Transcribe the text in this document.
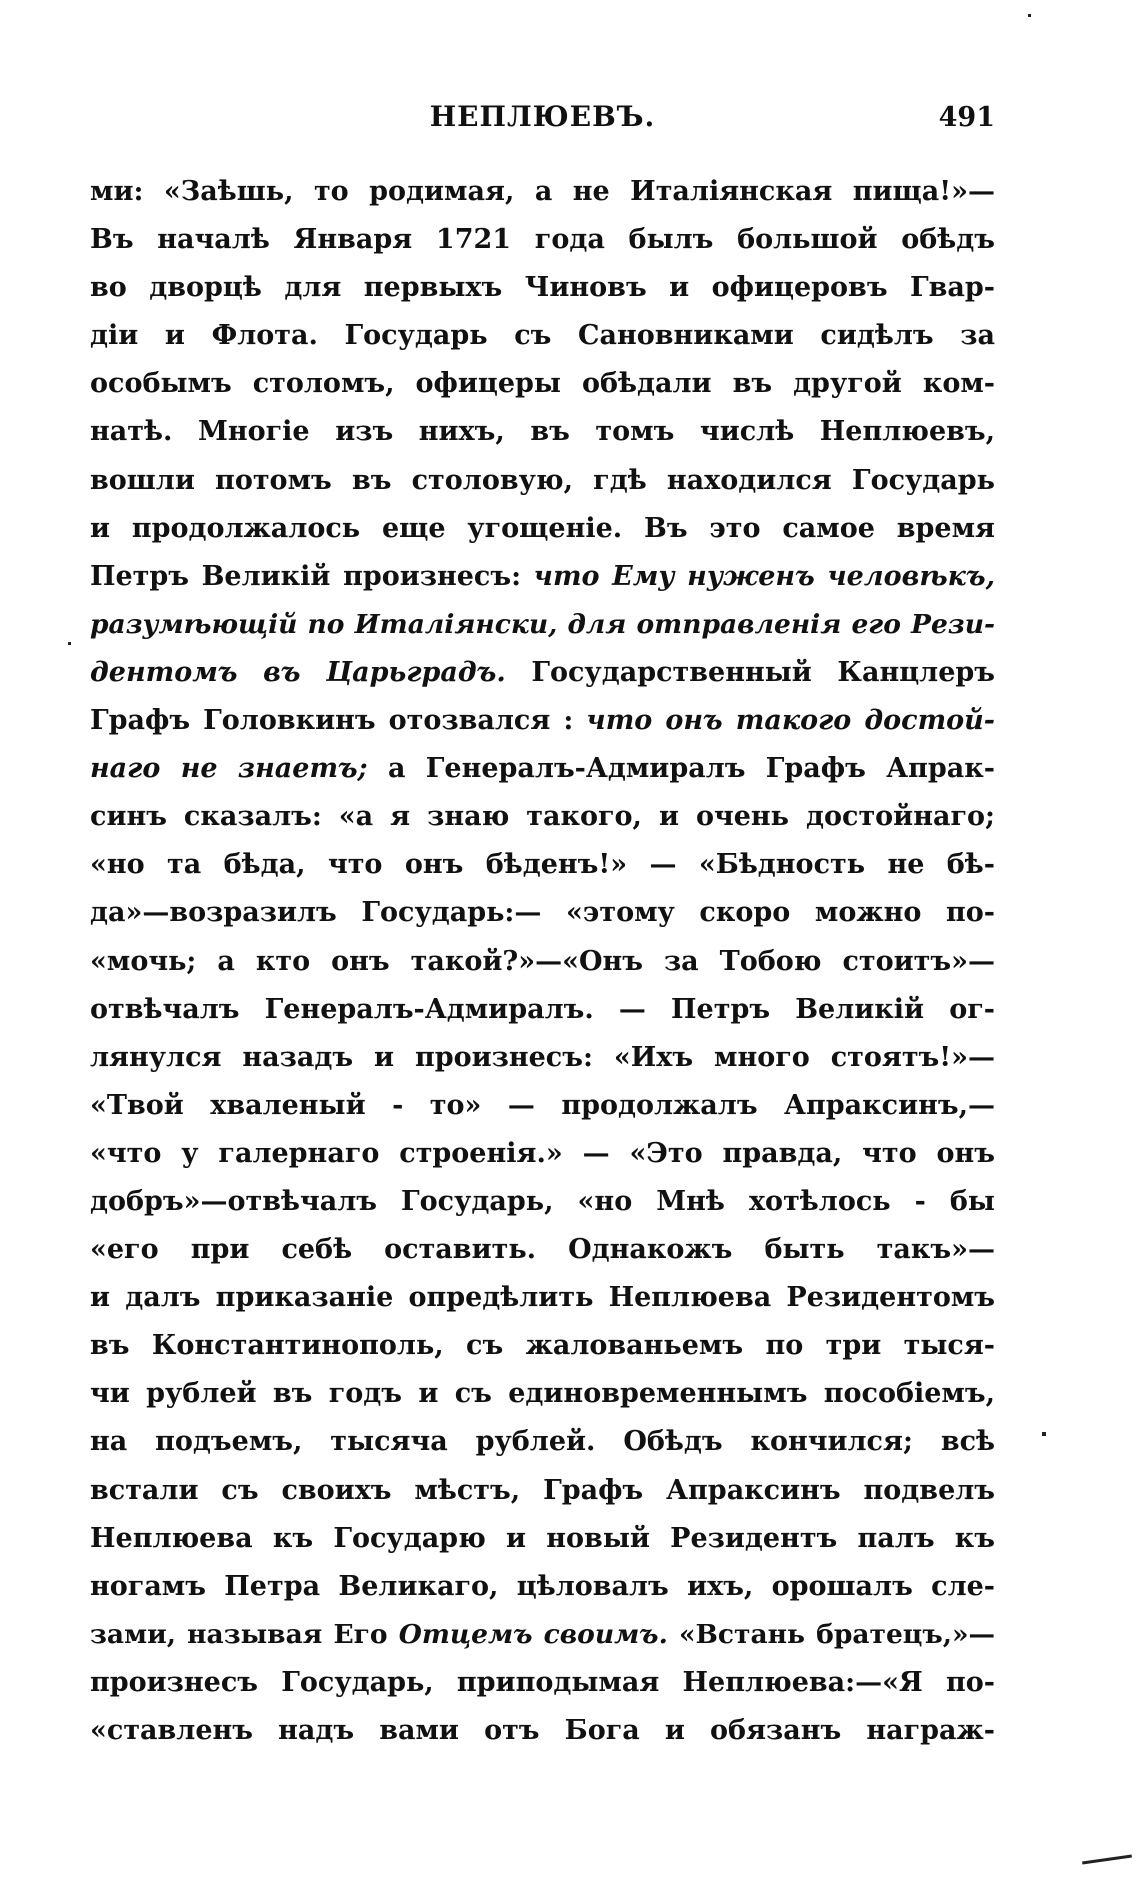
НЕПЛЮЕВЪ.	491
ми: «Заѣшь, то родимая, а не Италіянская пища!»—
Въ началѣ Января 1721 года былъ большой обѣдъ
во дворцѣ для первыхъ Чиновъ и офицеровъ Гвар-
діи и Флота. Государь съ Сановниками сидѣлъ за
особымъ столомъ, офицеры обѣдали въ другой ком-
натѣ. Многіе изъ нихъ, въ томъ числѣ Неплюевъ,
вошли потомъ въ столовую, гдѣ находился Государь
и продолжалось еще угощеніе. Въ это самое время
Петръ Великій произнесъ: что Ему нуженъ человѣкъ,
разумѣющій по Италіянски, для отправленія его Рези-
дентомъ въ Царьградъ. Государственный Канцлеръ
Графъ Головкинъ отозвался : что онъ такого достой-
наго не знаетъ; а Генералъ-Адмиралъ Графъ Апрак-
синъ сказалъ: «а я знаю такого, и очень достойнаго;
«но та бѣда, что онъ бѣденъ!» — «Бѣдность не бѣ-
да»—возразилъ Государь:— «этому скоро можно по-
«мочь; а кто онъ такой?»—«Онъ за Тобою стоитъ»—
отвѣчалъ Генералъ-Адмиралъ. — Петръ Великій ог-
лянулся назадъ и произнесъ: «Ихъ много стоятъ!»—
«Твой хваленый - то» — продолжалъ Апраксинъ,—
«что у галернаго строенія.» — «Это правда, что онъ
добръ»—отвѣчалъ Государь, «но Мнѣ хотѣлось - бы
«его при себѣ оставить. Однакожъ быть такъ»—
и далъ приказаніе опредѣлить Неплюева Резидентомъ
въ Константинополь, съ жалованьемъ по три тыся-
чи рублей въ годъ и съ единовременнымъ пособіемъ,
на подъемъ, тысяча рублей. Обѣдъ кончился; всѣ
встали съ своихъ мѣстъ, Графъ Апраксинъ подвелъ
Неплюева къ Государю и новый Резидентъ палъ къ
ногамъ Петра Великаго, цѣловалъ ихъ, орошалъ сле-
зами, называя Его Отцемъ своимъ. «Встань братецъ,»—
произнесъ Государь, приподымая Неплюева:—«Я по-
«ставленъ надъ вами отъ Бога и обязанъ награж-
